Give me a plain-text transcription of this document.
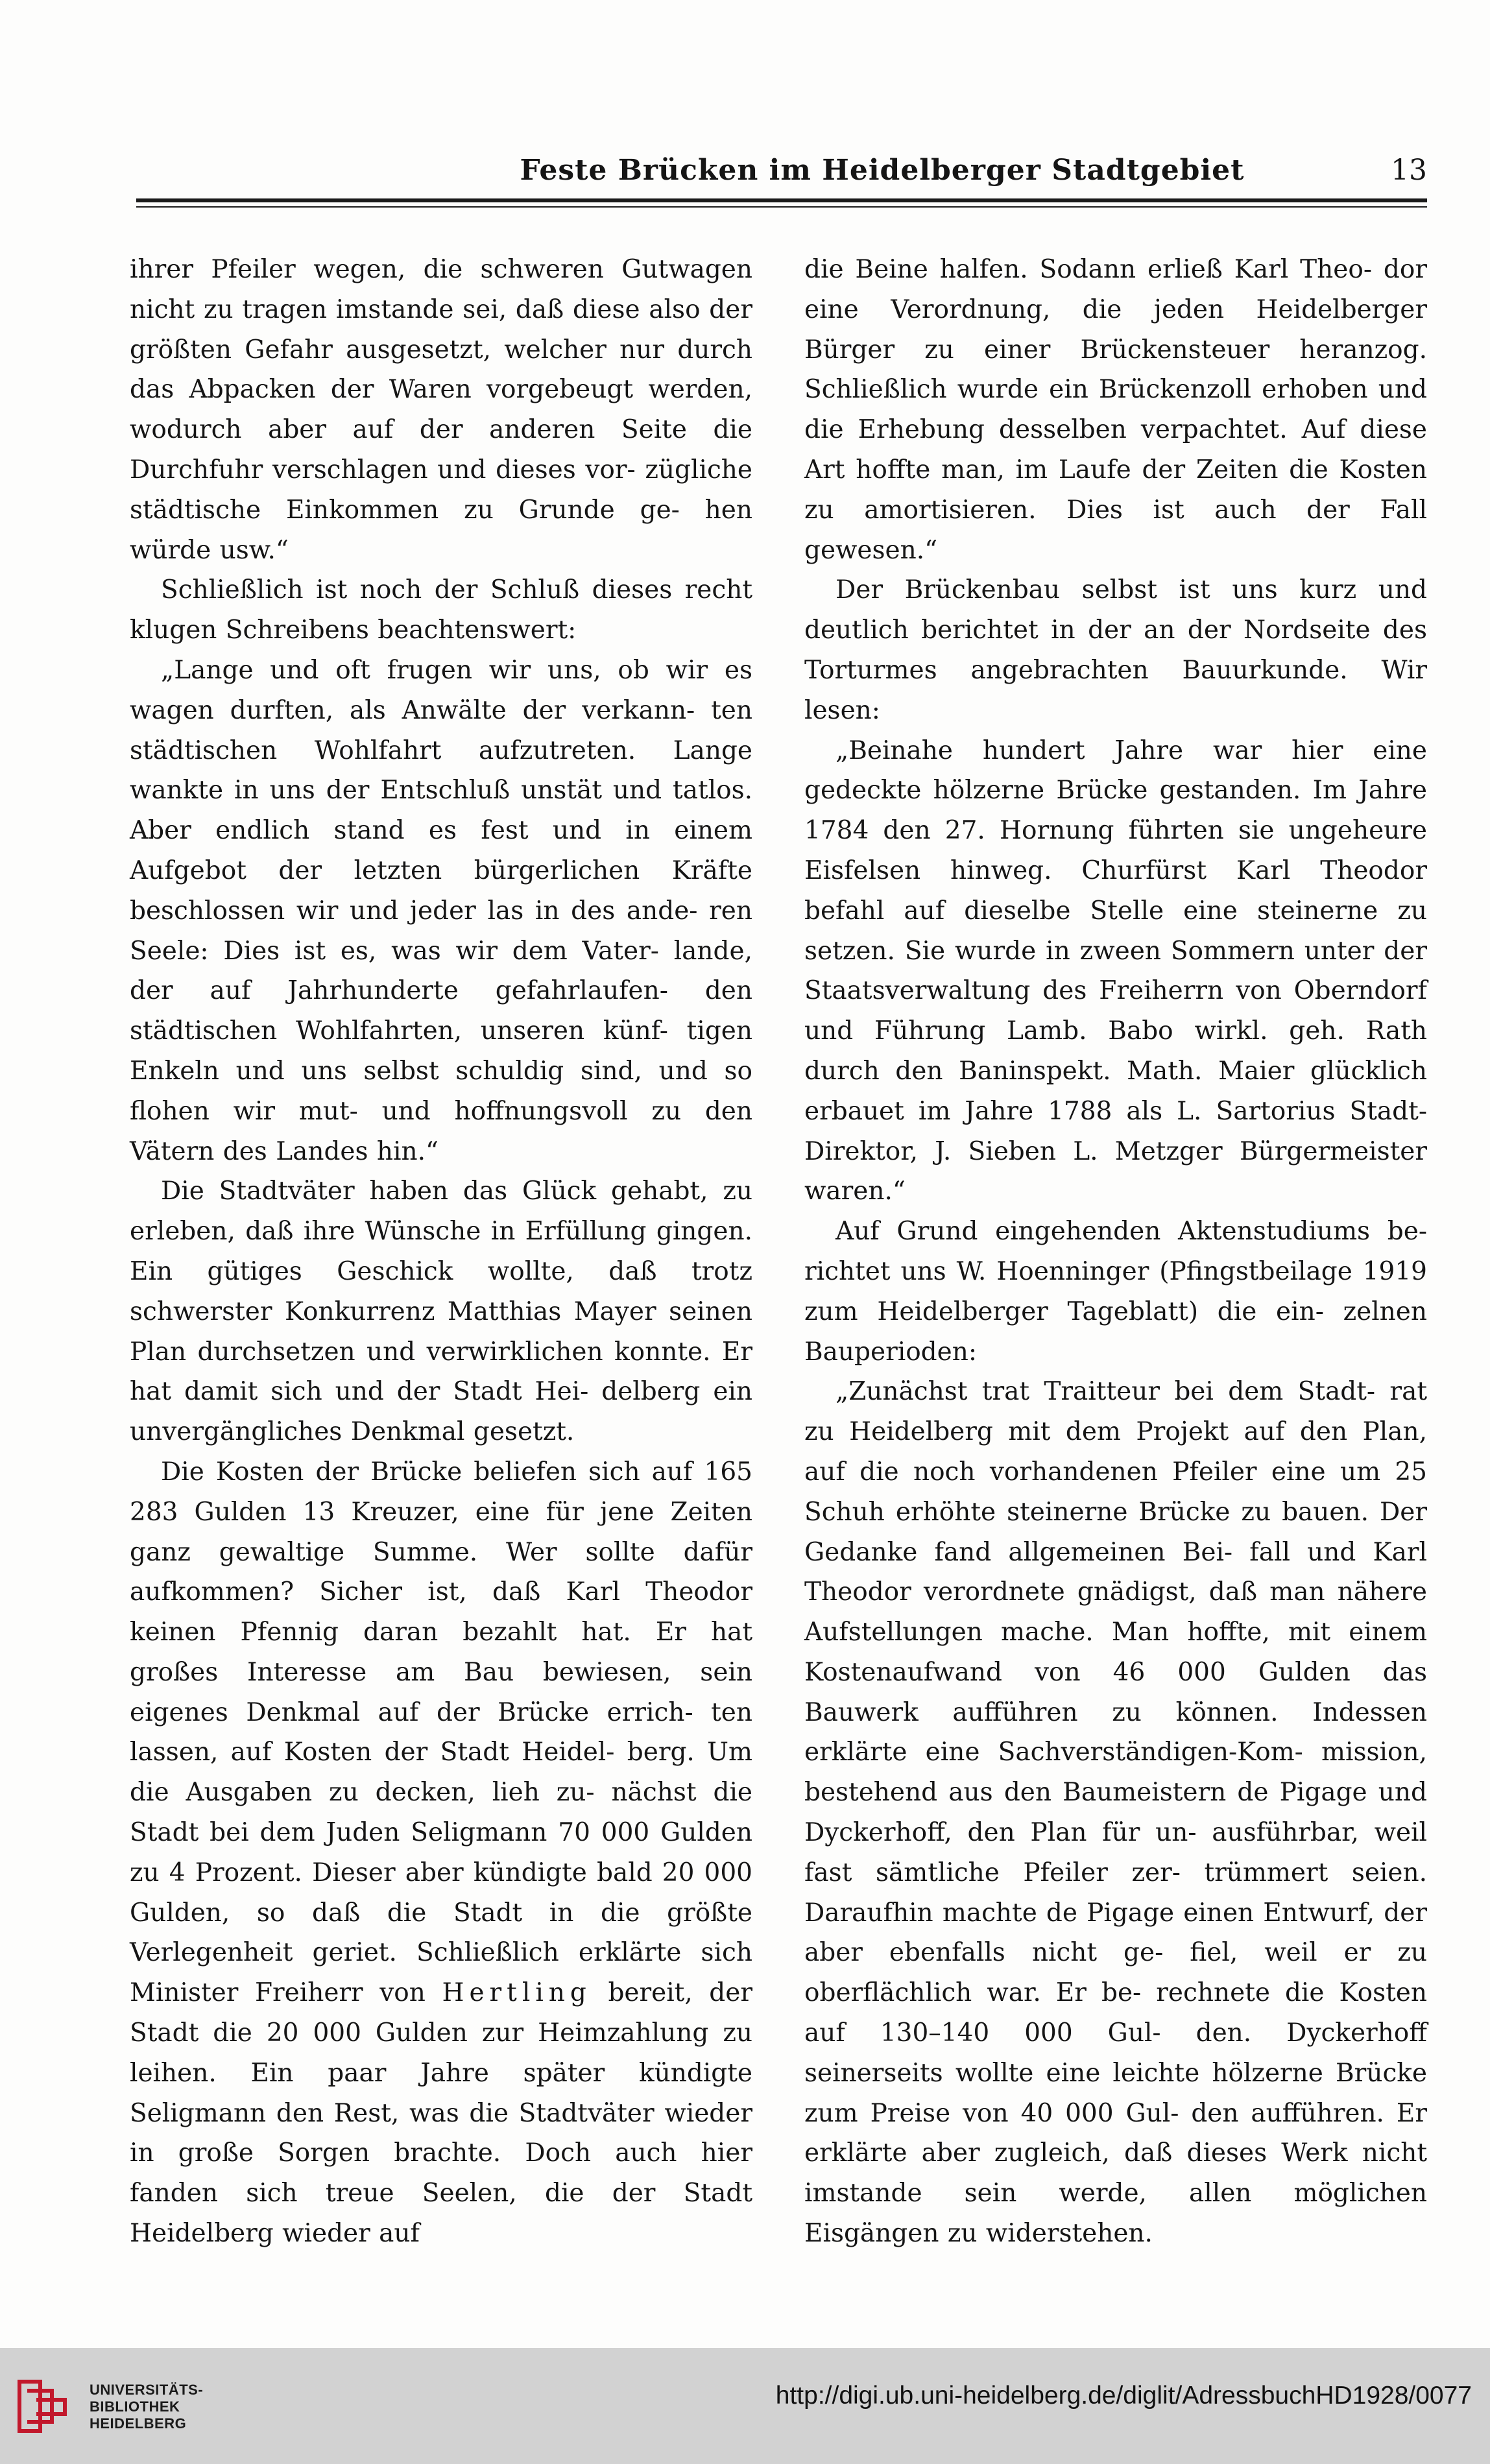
Feste Brücken im Heidelberger Stadtgebiet	13

ihrer Pfeiler wegen, die schweren Gutwagen nicht zu tragen imstande sei, daß diese also der größten Gefahr ausgesetzt, welcher nur durch das Abpacken der Waren vorgebeugt werden, wodurch aber auf der anderen Seite die Durchfuhr verschlagen und dieses vor- zügliche städtische Einkommen zu Grunde ge- hen würde usw.“

Schließlich ist noch der Schluß dieses recht klugen Schreibens beachtenswert:

„Lange und oft frugen wir uns, ob wir es wagen durften, als Anwälte der verkann- ten städtischen Wohlfahrt aufzutreten. Lange wankte in uns der Entschluß unstät und tatlos. Aber endlich stand es fest und in einem Aufgebot der letzten bürgerlichen Kräfte beschlossen wir und jeder las in des ande- ren Seele: Dies ist es, was wir dem Vater- lande, der auf Jahrhunderte gefahrlaufen- den städtischen Wohlfahrten, unseren künf- tigen Enkeln und uns selbst schuldig sind, und so flohen wir mut- und hoffnungsvoll zu den Vätern des Landes hin.“

Die Stadtväter haben das Glück gehabt, zu erleben, daß ihre Wünsche in Erfüllung gingen. Ein gütiges Geschick wollte, daß trotz schwerster Konkurrenz Matthias Mayer seinen Plan durchsetzen und verwirklichen konnte. Er hat damit sich und der Stadt Hei- delberg ein unvergängliches Denkmal gesetzt.

Die Kosten der Brücke beliefen sich auf 165 283 Gulden 13 Kreuzer, eine für jene Zeiten ganz gewaltige Summe. Wer sollte dafür aufkommen? Sicher ist, daß Karl Theodor keinen Pfennig daran bezahlt hat. Er hat großes Interesse am Bau bewiesen, sein eigenes Denkmal auf der Brücke errich- ten lassen, auf Kosten der Stadt Heidel- berg. Um die Ausgaben zu decken, lieh zu- nächst die Stadt bei dem Juden Seligmann 70 000 Gulden zu 4 Prozent. Dieser aber kündigte bald 20 000 Gulden, so daß die Stadt in die größte Verlegenheit geriet. Schließlich erklärte sich Minister Freiherr von Hertling bereit, der Stadt die 20 000 Gulden zur Heimzahlung zu leihen. Ein paar Jahre später kündigte Seligmann den Rest, was die Stadtväter wieder in große Sorgen brachte. Doch auch hier fanden sich treue Seelen, die der Stadt Heidelberg wieder auf

die Beine halfen. Sodann erließ Karl Theo- dor eine Verordnung, die jeden Heidelberger Bürger zu einer Brückensteuer heranzog. Schließlich wurde ein Brückenzoll erhoben und die Erhebung desselben verpachtet. Auf diese Art hoffte man, im Laufe der Zeiten die Kosten zu amortisieren. Dies ist auch der Fall gewesen.“

Der Brückenbau selbst ist uns kurz und deutlich berichtet in der an der Nordseite des Torturmes angebrachten Bauurkunde. Wir lesen:

„Beinahe hundert Jahre war hier eine gedeckte hölzerne Brücke gestanden. Im Jahre 1784 den 27. Hornung führten sie ungeheure Eisfelsen hinweg. Churfürst Karl Theodor befahl auf dieselbe Stelle eine steinerne zu setzen. Sie wurde in zween Sommern unter der Staatsverwaltung des Freiherrn von Oberndorf und Führung Lamb. Babo wirkl. geh. Rath durch den Baninspekt. Math. Maier glücklich erbauet im Jahre 1788 als L. Sartorius Stadt-Direktor, J. Sieben L. Metzger Bürgermeister waren.“

Auf Grund eingehenden Aktenstudiums be- richtet uns W. Hoenninger (Pfingstbeilage 1919 zum Heidelberger Tageblatt) die ein- zelnen Bauperioden:

„Zunächst trat Traitteur bei dem Stadt- rat zu Heidelberg mit dem Projekt auf den Plan, auf die noch vorhandenen Pfeiler eine um 25 Schuh erhöhte steinerne Brücke zu bauen. Der Gedanke fand allgemeinen Bei- fall und Karl Theodor verordnete gnädigst, daß man nähere Aufstellungen mache. Man hoffte, mit einem Kostenaufwand von 46 000 Gulden das Bauwerk aufführen zu können. Indessen erklärte eine Sachverständigen-Kom- mission, bestehend aus den Baumeistern de Pigage und Dyckerhoff, den Plan für un- ausführbar, weil fast sämtliche Pfeiler zer- trümmert seien. Daraufhin machte de Pigage einen Entwurf, der aber ebenfalls nicht ge- fiel, weil er zu oberflächlich war. Er be- rechnete die Kosten auf 130–140 000 Gul- den. Dyckerhoff seinerseits wollte eine leichte hölzerne Brücke zum Preise von 40 000 Gul- den aufführen. Er erklärte aber zugleich, daß dieses Werk nicht imstande sein werde, allen möglichen Eisgängen zu widerstehen.

UNIVERSITÄTS-
BIBLIOTHEK
HEIDELBERG
http://digi.ub.uni-heidelberg.de/diglit/AdressbuchHD1928/0077
